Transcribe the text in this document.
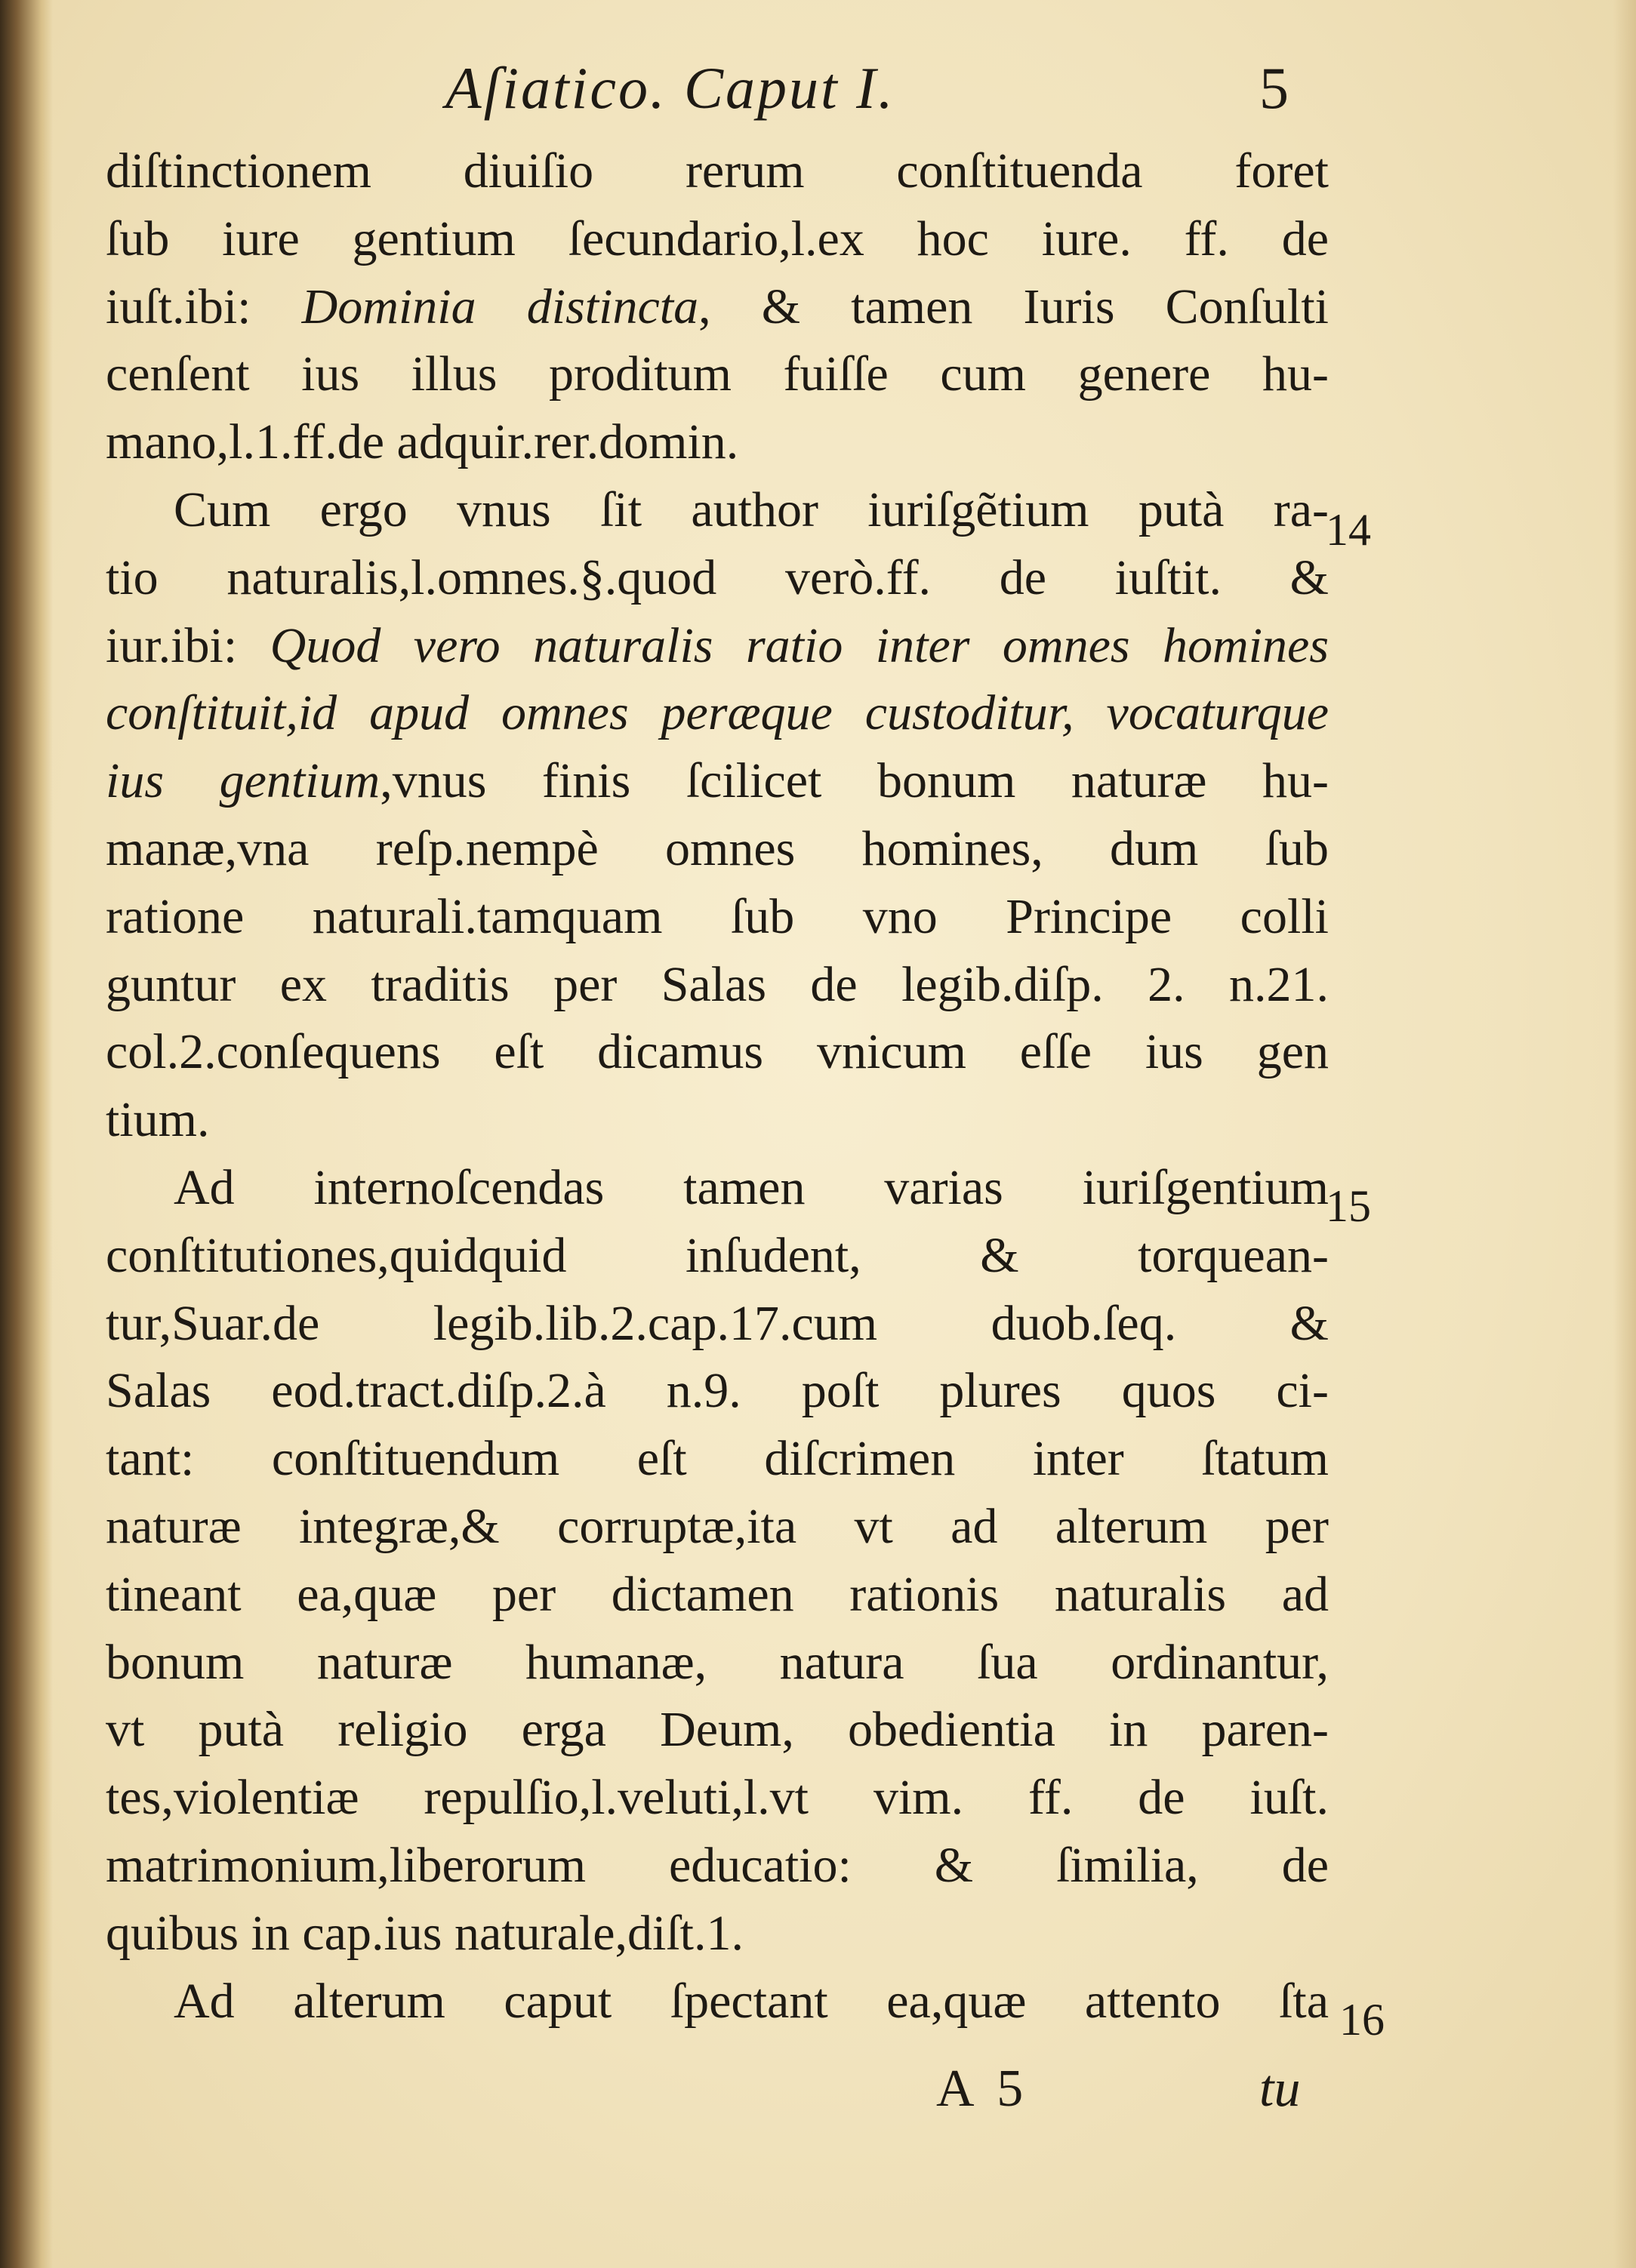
Aſiatico. Caput I.	5
diſtinctionem diuiſio rerum conſtituenda foret
ſub iure gentium ſecundario,l.ex hoc iure. ff. de
iuſt.ibi: Dominia distincta, & tamen Iuris Conſulti
cenſent ius illus proditum fuiſſe cum genere hu-
mano,l.1.ff.de adquir.rer.domin.
Cum ergo vnus ſit author iuriſgẽtium putà ra-
tio naturalis,l.omnes.§.quod verò.ff. de iuſtit. &
iur.ibi: Quod vero naturalis ratio inter omnes homines
conſtituit,id apud omnes peræque custoditur, vocaturque
ius gentium,vnus finis ſcilicet bonum naturæ hu-
manæ,vna reſp.nempè omnes homines, dum ſub
ratione naturali.tamquam ſub vno Principe colli
guntur ex traditis per Salas de legib.diſp. 2. n.21.
col.2.conſequens eſt dicamus vnicum eſſe ius gen
tium.
Ad internoſcendas tamen varias iuriſgentium
conſtitutiones,quidquid inſudent, & torquean-
tur,Suar.de legib.lib.2.cap.17.cum duob.ſeq. &
Salas eod.tract.diſp.2.à n.9. poſt plures quos ci-
tant: conſtituendum eſt diſcrimen inter ſtatum
naturæ integræ,& corruptæ,ita vt ad alterum per
tineant ea,quæ per dictamen rationis naturalis ad
bonum naturæ humanæ, natura ſua ordinantur,
vt putà religio erga Deum, obedientia in paren-
tes,violentiæ repulſio,l.veluti,l.vt vim. ff. de iuſt.
matrimonium,liberorum educatio: & ſimilia, de
quibus in cap.ius naturale,diſt.1.
Ad alterum caput ſpectant ea,quæ attento ſta
14
15
16
A 5	tu
